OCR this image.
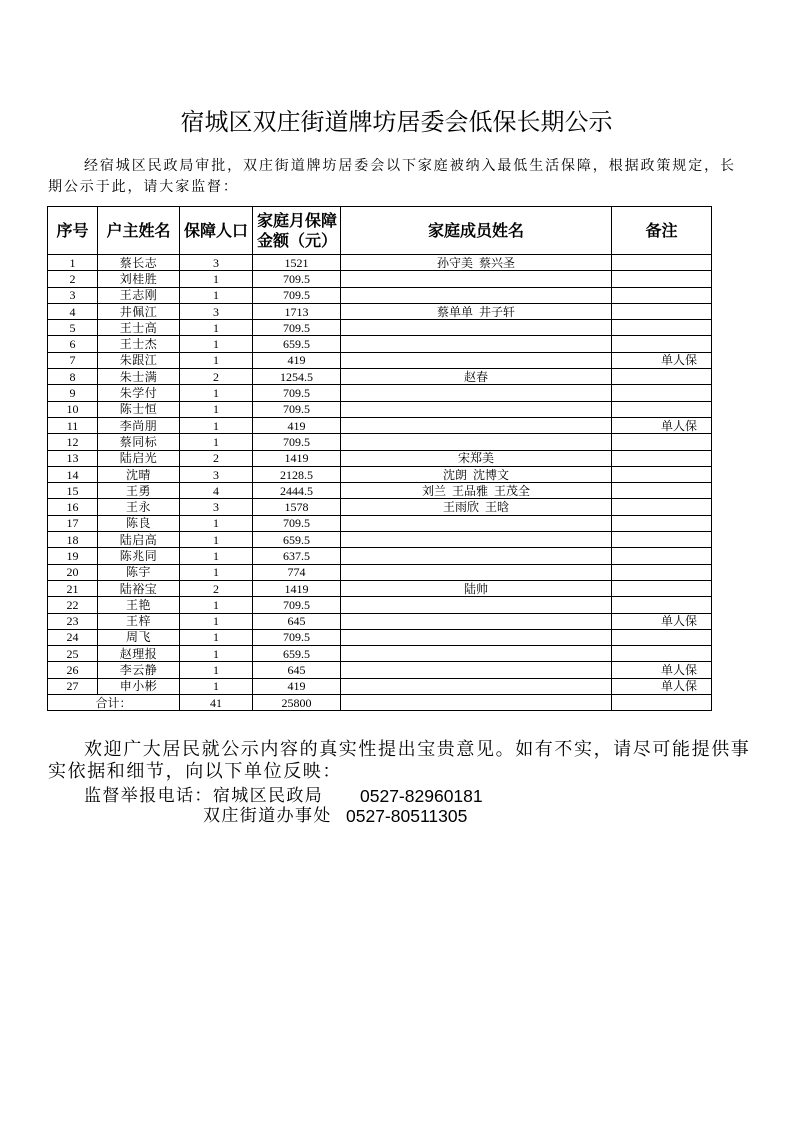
宿城区双庄街道牌坊居委会低保长期公示
经宿城区民政局审批，双庄街道牌坊居委会以下家庭被纳入最低生活保障，根据政策规定，长
期公示于此，请大家监督：
序号	户主姓名	保障人口	家庭月保障金额（元）	家庭成员姓名	备注
1	蔡长志	3	1521	孙守美  蔡兴圣	
2	刘桂胜	1	709.5		
3	王志刚	1	709.5		
4	井佩江	3	1713	蔡单单  井子轩	
5	王士高	1	709.5		
6	王士杰	1	659.5		
7	朱跟江	1	419		单人保
8	朱士满	2	1254.5	赵春	
9	朱学付	1	709.5		
10	陈士恒	1	709.5		
11	李尚朋	1	419		单人保
12	蔡同标	1	709.5		
13	陆启光	2	1419	宋郑美	
14	沈晴	3	2128.5	沈朗  沈博文	
15	王勇	4	2444.5	刘兰  王品雅  王茂全	
16	王永	3	1578	王雨欣  王晗	
17	陈良	1	709.5		
18	陆启高	1	659.5		
19	陈兆同	1	637.5		
20	陈宇	1	774		
21	陆裕宝	2	1419	陆帅	
22	王艳	1	709.5		
23	王梓	1	645		单人保
24	周飞	1	709.5		
25	赵理报	1	659.5		
26	李云静	1	645		单人保
27	申小彬	1	419		单人保
合计：		41	25800		
欢迎广大居民就公示内容的真实性提出宝贵意见。如有不实，请尽可能提供事
实依据和细节，向以下单位反映：
监督举报电话：宿城区民政局 0527-82960181
双庄街道办事处 0527-80511305
